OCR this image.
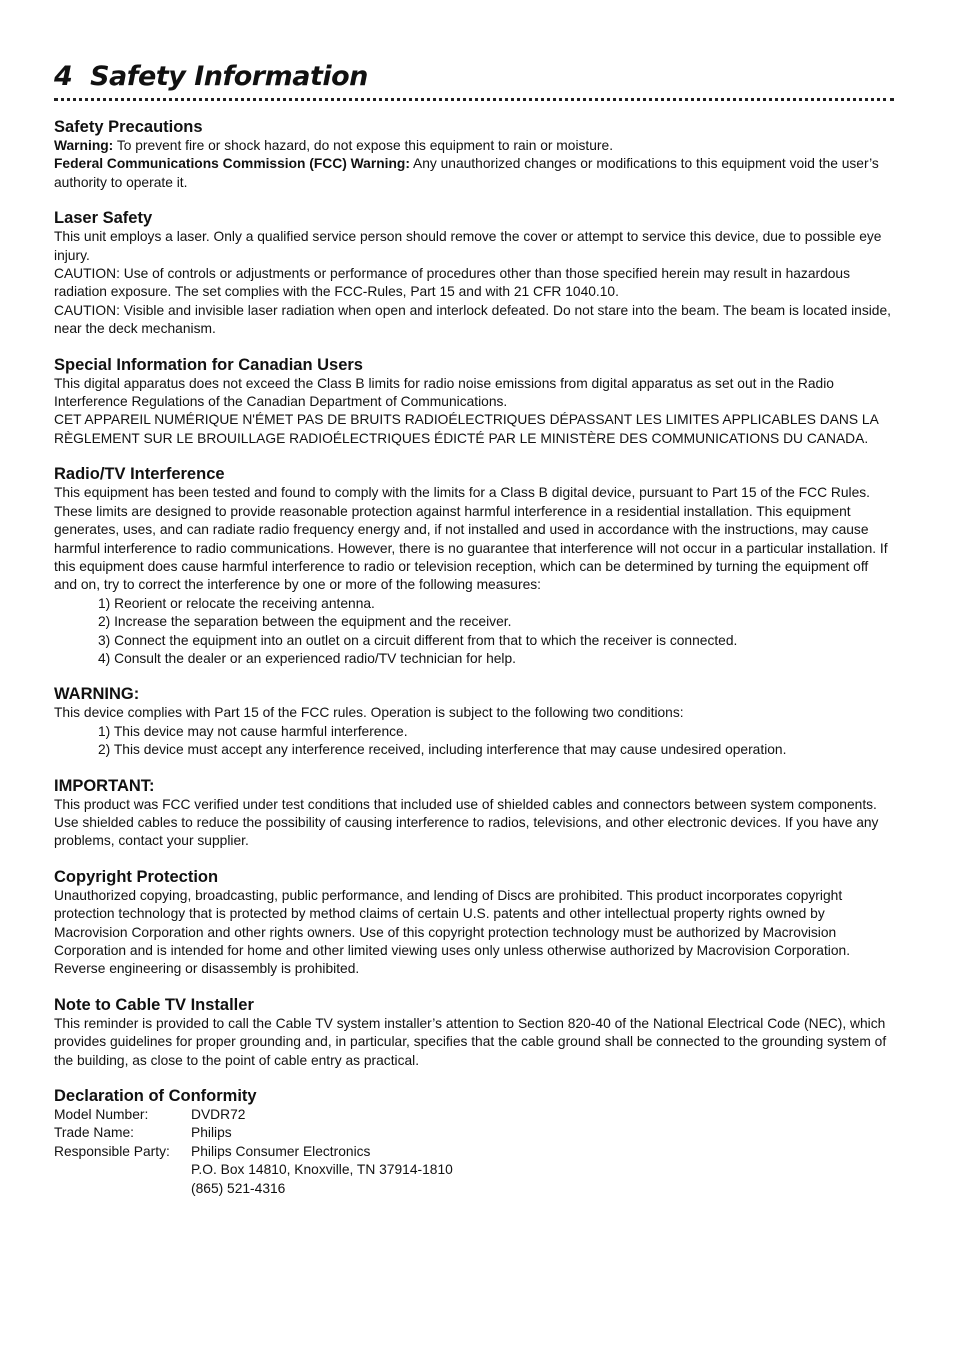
4 Safety Information
Safety Precautions

Warning: To prevent fire or shock hazard, do not expose this equipment to rain or moisture.

Federal Communications Commission (FCC) Warning: Any unauthorized changes or modifications to this equipment void the user’s authority to operate it.

Laser Safety

This unit employs a laser. Only a qualified service person should remove the cover or attempt to service this device, due to possible eye injury.

CAUTION: Use of controls or adjustments or performance of procedures other than those specified herein may result in hazardous radiation exposure. The set complies with the FCC-Rules, Part 15 and with 21 CFR 1040.10.

CAUTION: Visible and invisible laser radiation when open and interlock defeated. Do not stare into the beam. The beam is located inside, near the deck mechanism.

Special Information for Canadian Users

This digital apparatus does not exceed the Class B limits for radio noise emissions from digital apparatus as set out in the Radio Interference Regulations of the Canadian Department of Communications.

CET APPAREIL NUMÉRIQUE N'ÉMET PAS DE BRUITS RADIOÉLECTRIQUES DÉPASSANT LES LIMITES APPLICABLES DANS LA RÈGLEMENT SUR LE BROUILLAGE RADIOÉLECTRIQUES ÉDICTÉ PAR LE MINISTÈRE DES COMMUNICATIONS DU CANADA.

Radio/TV Interference

This equipment has been tested and found to comply with the limits for a Class B digital device, pursuant to Part 15 of the FCC Rules. These limits are designed to provide reasonable protection against harmful interference in a residential installation. This equipment generates, uses, and can radiate radio frequency energy and, if not installed and used in accordance with the instructions, may cause harmful interference to radio communications. However, there is no guarantee that interference will not occur in a particular installation. If this equipment does cause harmful interference to radio or television reception, which can be determined by turning the equipment off and on, try to correct the interference by one or more of the following measures:

1) Reorient or relocate the receiving antenna.
2) Increase the separation between the equipment and the receiver.
3) Connect the equipment into an outlet on a circuit different from that to which the receiver is connected.
4) Consult the dealer or an experienced radio/TV technician for help.
WARNING:

This device complies with Part 15 of the FCC rules. Operation is subject to the following two conditions:

1) This device may not cause harmful interference.
2) This device must accept any interference received, including interference that may cause undesired operation.
IMPORTANT:

This product was FCC verified under test conditions that included use of shielded cables and connectors between system components. Use shielded cables to reduce the possibility of causing interference to radios, televisions, and other electronic devices. If you have any problems, contact your supplier.

Copyright Protection

Unauthorized copying, broadcasting, public performance, and lending of Discs are prohibited. This product incorporates copyright protection technology that is protected by method claims of certain U.S. patents and other intellectual property rights owned by Macrovision Corporation and other rights owners. Use of this copyright protection technology must be authorized by Macrovision Corporation and is intended for home and other limited viewing uses only unless otherwise authorized by Macrovision Corporation. Reverse engineering or disassembly is prohibited.

Note to Cable TV Installer

This reminder is provided to call the Cable TV system installer’s attention to Section 820-40 of the National Electrical Code (NEC), which provides guidelines for proper grounding and, in particular, specifies that the cable ground shall be connected to the grounding system of the building, as close to the point of cable entry as practical.

Declaration of Conformity
Model Number:	DVDR72
Trade Name:	Philips
Responsible Party:	Philips Consumer Electronics
	P.O. Box 14810, Knoxville, TN 37914-1810
	(865) 521-4316
